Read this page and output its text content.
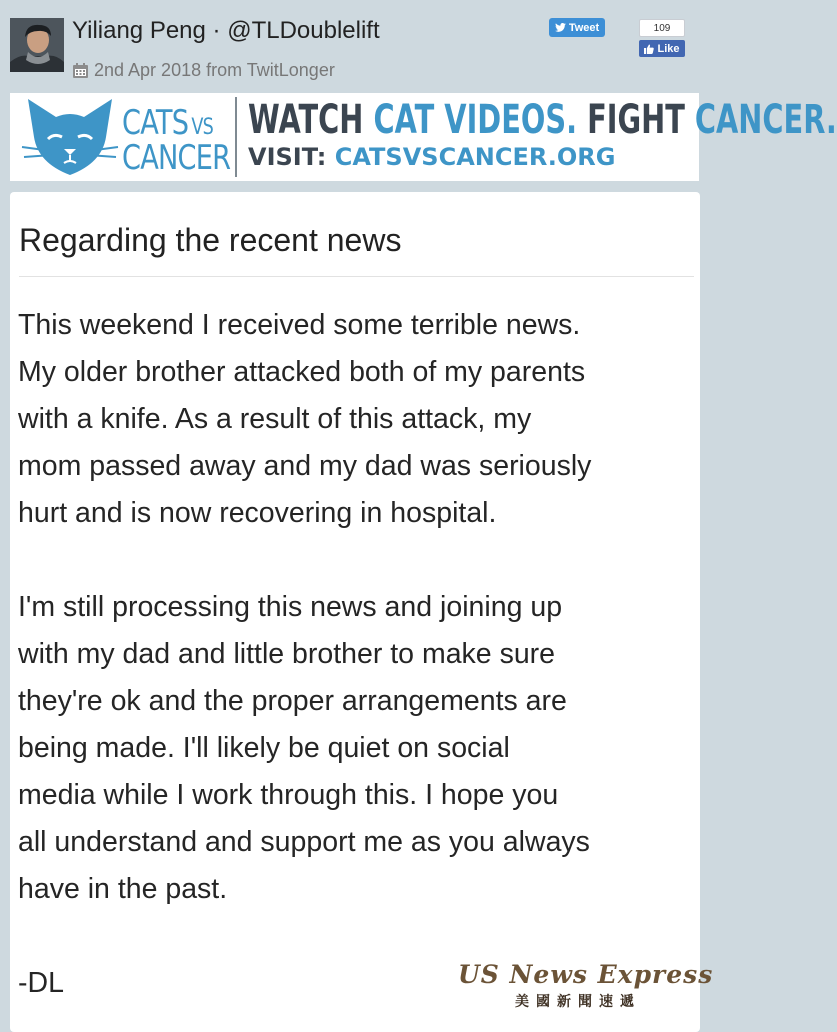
Yiliang Peng · @TLDoublelift
2nd Apr 2018 from TwitLonger
Tweet	109
Like
CATS VS
CANCER
WATCH CAT VIDEOS. FIGHT CANCER.
VISIT: CATSVSCANCER.ORG
Regarding the recent news
This weekend I received some terrible news.
My older brother attacked both of my parents
with a knife. As a result of this attack, my
mom passed away and my dad was seriously
hurt and is now recovering in hospital.
I'm still processing this news and joining up
with my dad and little brother to make sure
they're ok and the proper arrangements are
being made. I'll likely be quiet on social
media while I work through this. I hope you
all understand and support me as you always
have in the past.
-DL	US News Express
美國新聞速遞
